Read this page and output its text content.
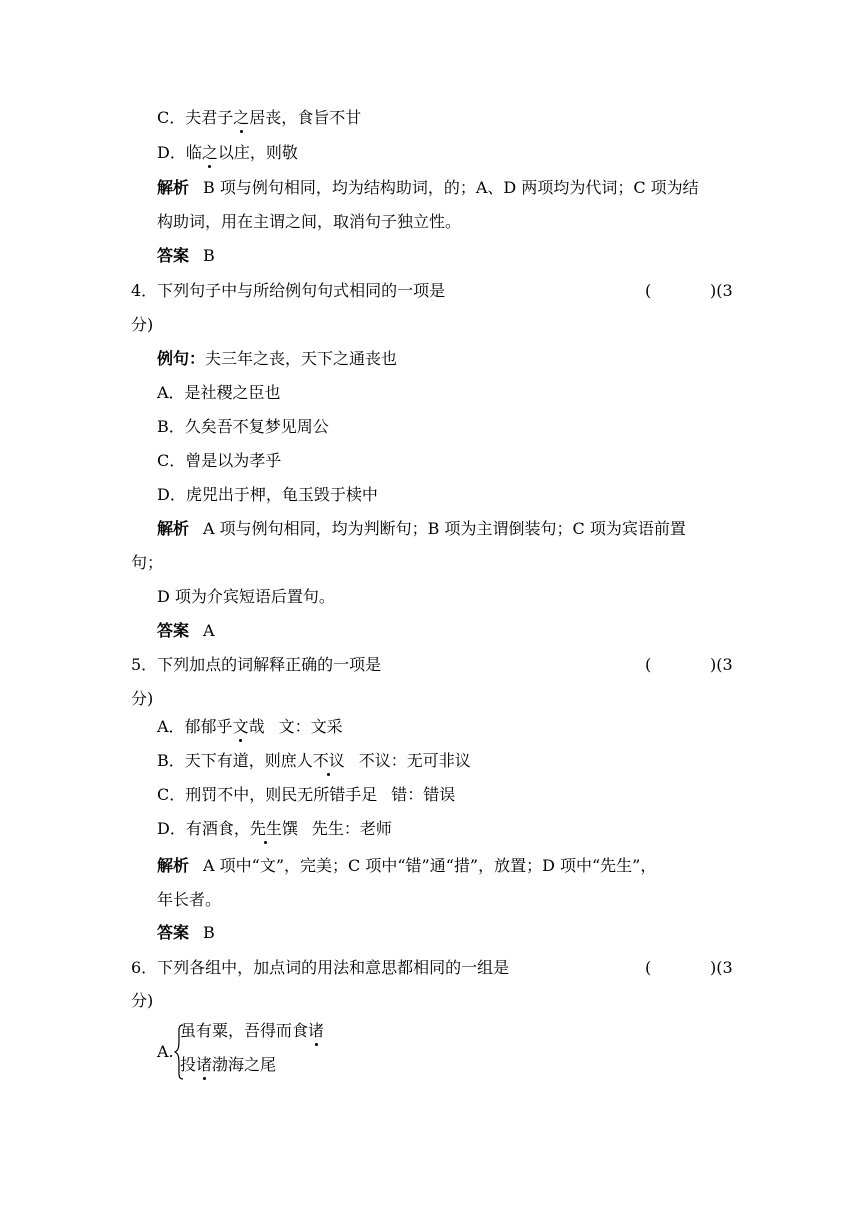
C．夫君子之居丧，食旨不甘
D．临之以庄，则敬
解析 B 项与例句相同，均为结构助词，的；A、D 两项均为代词；C 项为结
构助词，用在主谓之间，取消句子独立性。
答案 B
4．下列句子中与所给例句句式相同的一项是	(	)(3
分)
例句：夫三年之丧，天下之通丧也
A．是社稷之臣也
B．久矣吾不复梦见周公
C．曾是以为孝乎
D．虎兕出于柙，龟玉毁于椟中
解析 A 项与例句相同，均为判断句；B 项为主谓倒装句；C 项为宾语前置
句；
D 项为介宾短语后置句。
答案 A
5．下列加点的词解释正确的一项是	(	)(3
分)
A．郁郁乎文哉 文：文采
B．天下有道，则庶人不议 不议：无可非议
C．刑罚不中，则民无所错手足 错：错误
D．有酒食，先生馔 先生：老师
解析 A 项中“文”，完美；C 项中“错”通“措”，放置；D 项中“先生”，
年长者。
答案 B
6．下列各组中，加点词的用法和意思都相同的一组是	(	)(3
分)
A.
虽有粟，吾得而食诸
投诸渤海之尾
